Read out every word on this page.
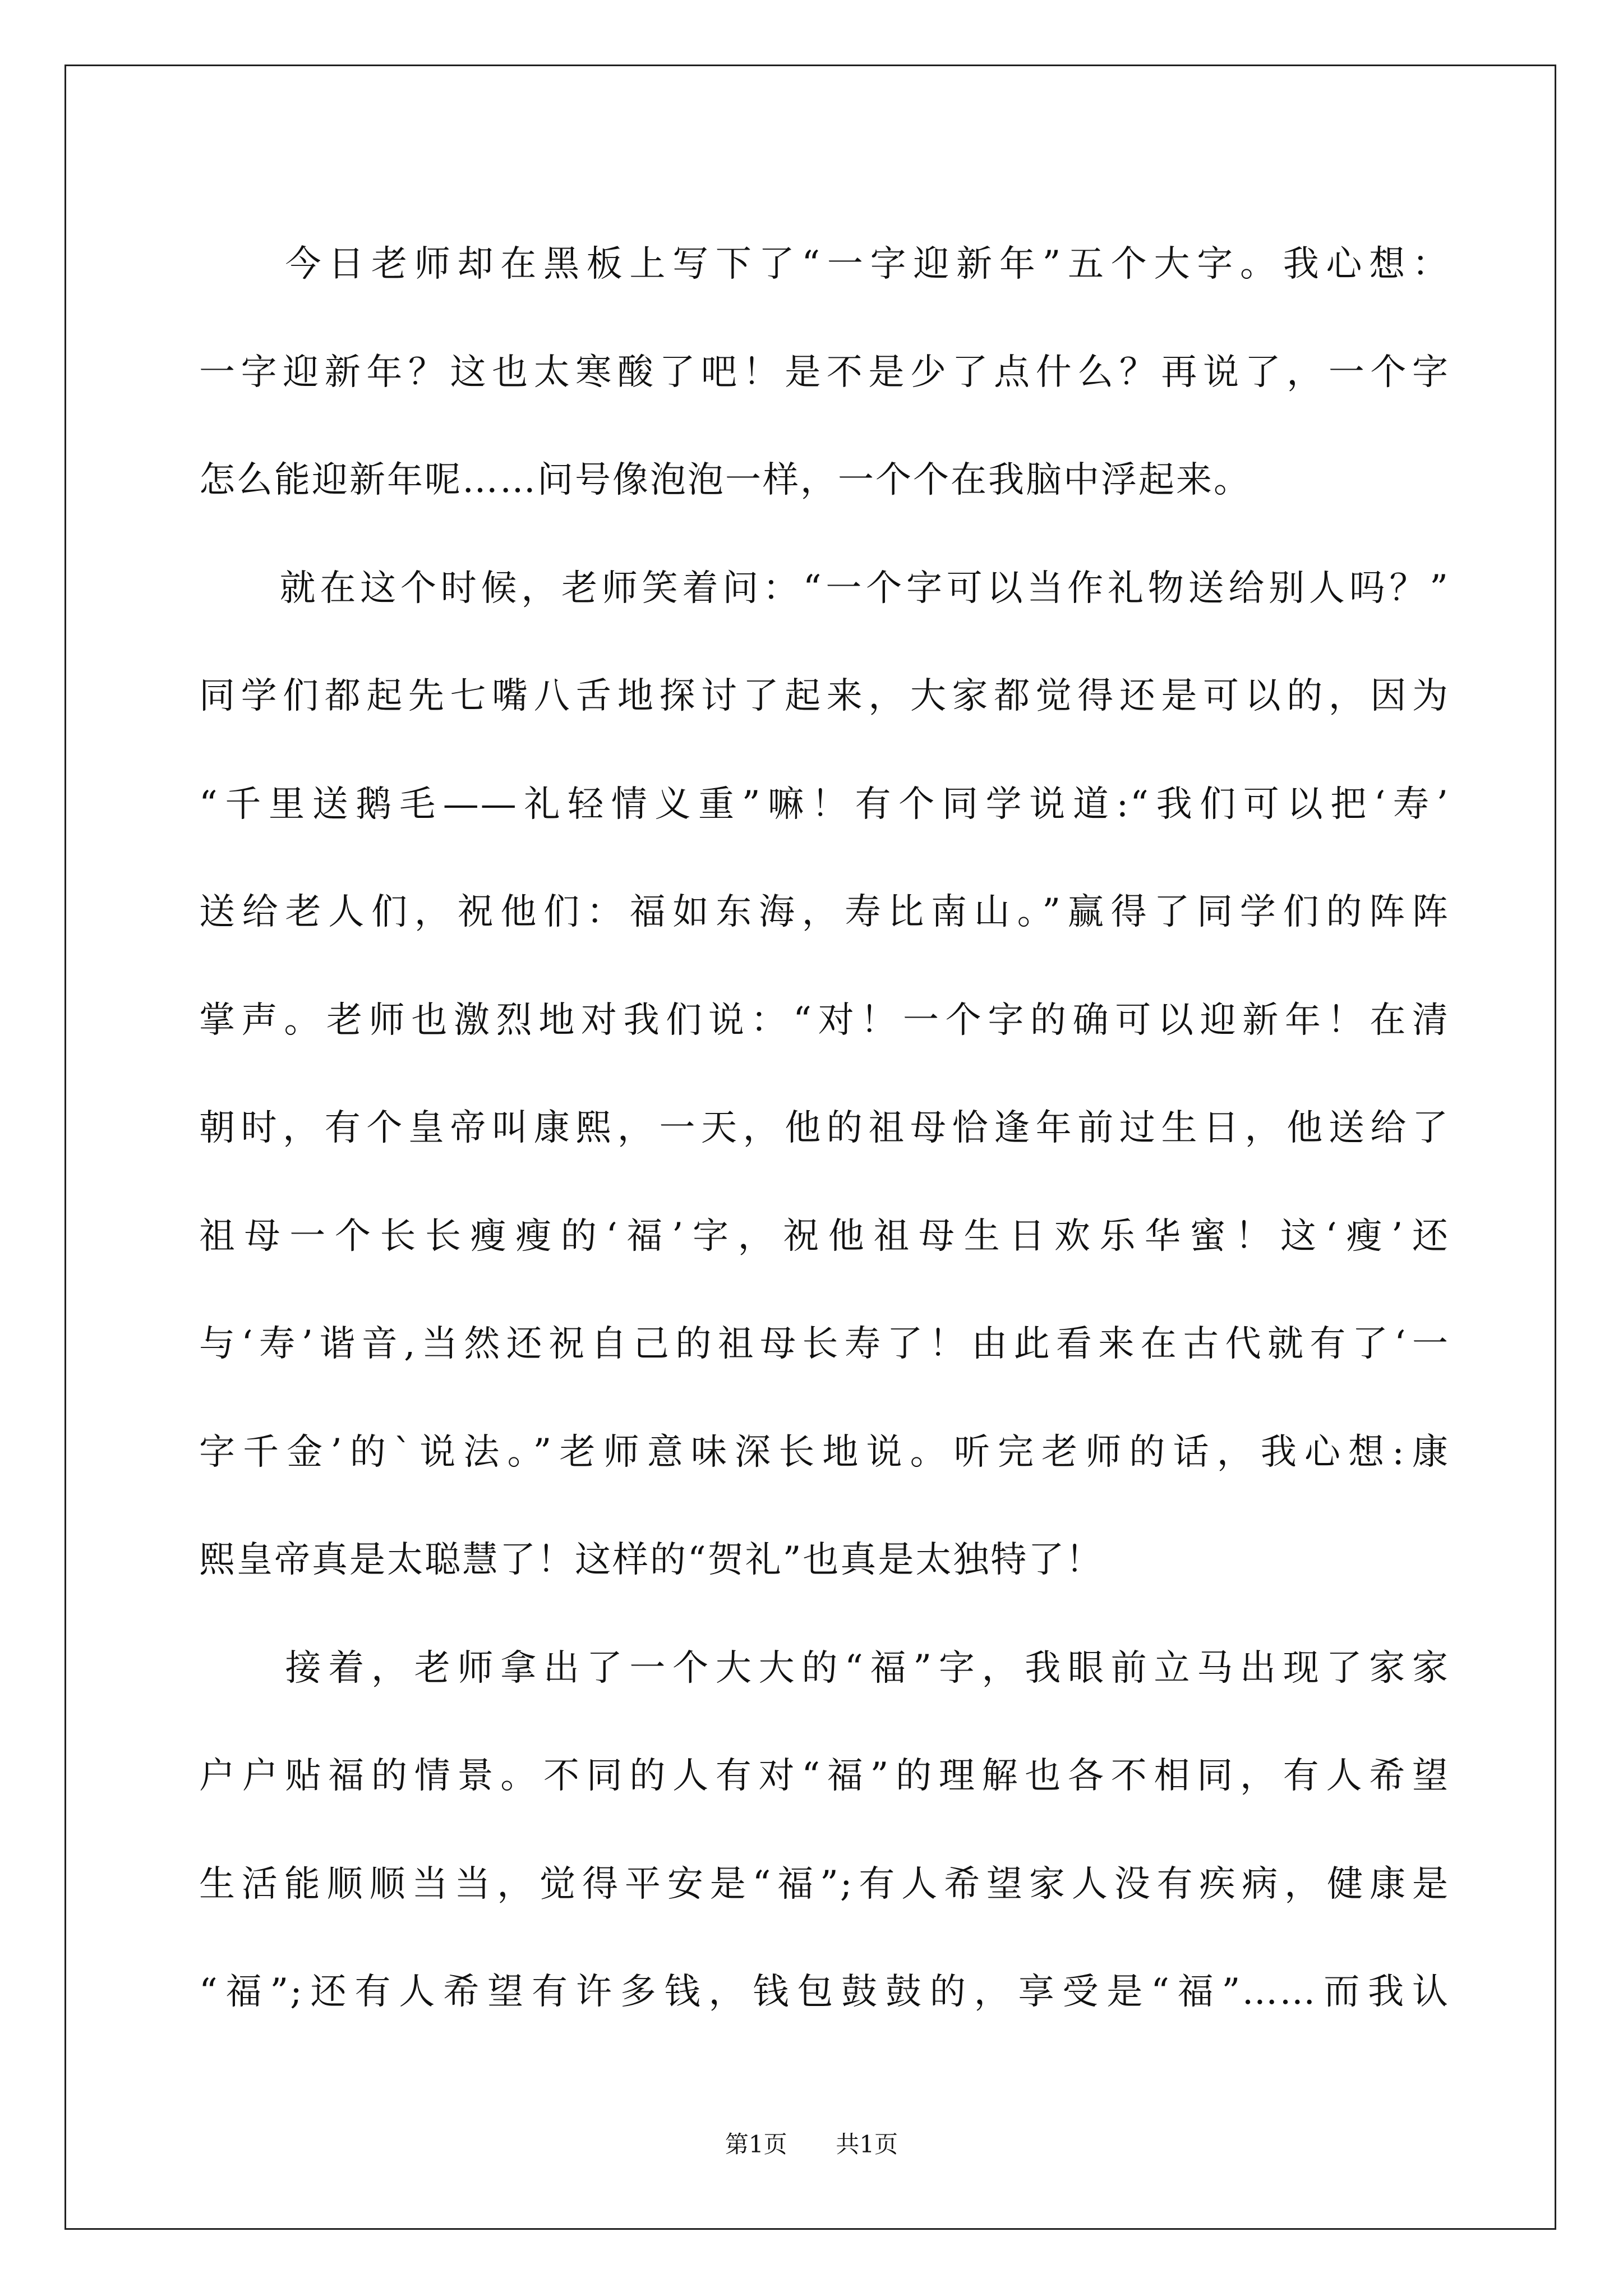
　　今日老师却在黑板上写下了“一字迎新年”五个大字。我心想：
一字迎新年？这也太寒酸了吧！是不是少了点什么？再说了，一个字
怎么能迎新年呢……问号像泡泡一样，一个个在我脑中浮起来。

　　就在这个时候，老师笑着问：“一个字可以当作礼物送给别人吗？”
同学们都起先七嘴八舌地探讨了起来，大家都觉得还是可以的，因为
“千里送鹅毛——礼轻情义重”嘛！有个同学说道:“我们可以把‘寿’
送给老人们，祝他们：福如东海，寿比南山。”赢得了同学们的阵阵
掌声。老师也激烈地对我们说：“对！一个字的确可以迎新年！在清
朝时，有个皇帝叫康熙，一天，他的祖母恰逢年前过生日，他送给了
祖母一个长长瘦瘦的‘福’字，祝他祖母生日欢乐华蜜！这‘瘦’还
与‘寿’谐音,当然还祝自己的祖母长寿了！由此看来在古代就有了‘一
字千金’的`说法。”老师意味深长地说。听完老师的话，我心想:康
熙皇帝真是太聪慧了！这样的“贺礼”也真是太独特了！

　　接着，老师拿出了一个大大的“福”字，我眼前立马出现了家家
户户贴福的情景。不同的人有对“福”的理解也各不相同，有人希望
生活能顺顺当当，觉得平安是“福”;有人希望家人没有疾病，健康是
“福”;还有人希望有许多钱，钱包鼓鼓的，享受是“福”……而我认

第1页 共1页
